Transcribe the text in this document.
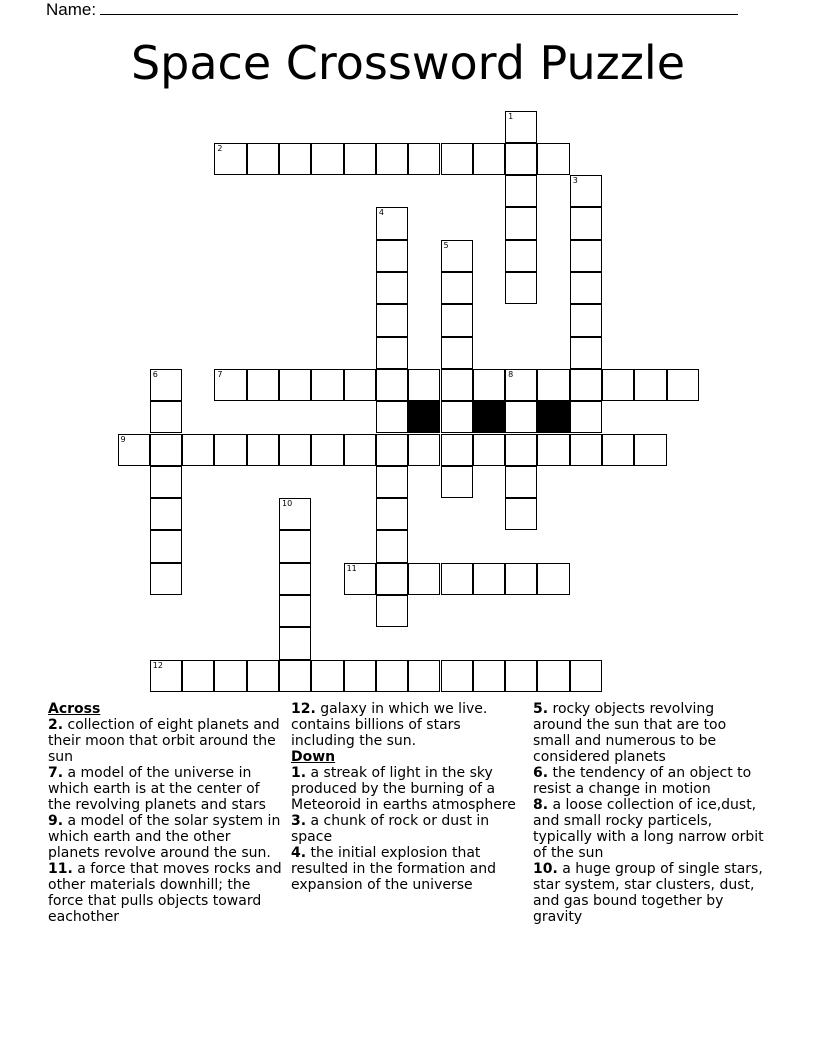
Name:
Space Crossword Puzzle
2
7	8
9
11
12
1
3
4
5
6
10
Across
2. collection of eight planets and their moon that orbit around the sun
7. a model of the universe in which earth is at the center of the revolving planets and stars
9. a model of the solar system in which earth and the other planets revolve around the sun.
11. a force that moves rocks and other materials downhill; the force that pulls objects toward eachother
12. galaxy in which we live. contains billions of stars including the sun.
Down
1. a streak of light in the sky produced by the burning of a Meteoroid in earths atmosphere
3. a chunk of rock or dust in space
4. the initial explosion that resulted in the formation and expansion of the universe
5. rocky objects revolving around the sun that are too small and numerous to be considered planets
6. the tendency of an object to resist a change in motion
8. a loose collection of ice,dust, and small rocky particels, typically with a long narrow orbit of the sun
10. a huge group of single stars, star system, star clusters, dust, and gas bound together by gravity
